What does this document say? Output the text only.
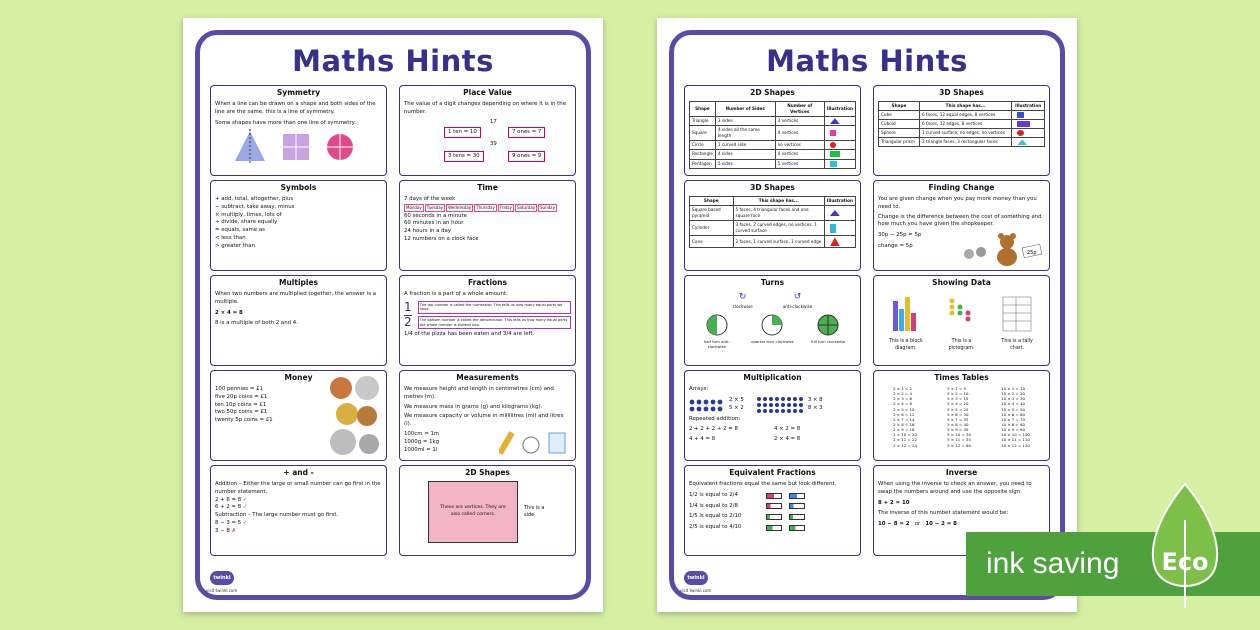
Maths Hints
Symmetry
When a line can be drawn on a shape and both sides of the line are the same, this is a line of symmetry.
Some shapes have more than one line of symmetry.
Place Value
The value of a digit changes depending on where it is in the number.
17
1 ten = 10	7 ones = 7
39
3 tens = 30	9 ones = 9
Symbols
+ add, total, altogether, plus
− subtract, take away, minus
× multiply, times, lots of
÷ divide, share equally
= equals, same as
< less than
> greater than
Time
7 days of the week
Monday Tuesday Wednesday Thursday Friday Saturday Sunday
60 seconds in a minute
60 minutes in an hour
24 hours in a day
12 numbers on a clock face
Multiples
When two numbers are multiplied together, the answer is a multiple.
2 × 4 = 8
8 is a multiple of both 2 and 4.
Fractions
A fraction is a part of a whole amount.
1
2
The top number is called the numerator. This tells us how many equal parts we have.
The bottom number is called the denominator. This tells us how many equal parts the whole number is divided into.
1/4 of the pizza has been eaten and 3/4 are left.
Money
100 pennies = £1
five 20p coins = £1
ten 10p coins = £1
two 50p coins = £1
twenty 5p coins = £1
Measurements
We measure height and length in centimetres (cm) and metres (m).
We measure mass in grams (g) and kilograms (kg).
We measure capacity or volume in millilitres (ml) and litres (l).
100cm = 1m
1000g = 1kg
1000ml = 1l
+ and -
Addition – Either the large or small number can go first in the number statement.
2 + 6 = 8 ✓
6 + 2 = 8 ✓
Subtraction – The large number must go first.
8 − 3 = 5 ✓
3 − 8 ✗
2D Shapes
These are vertices. They are also called corners.
This is a side
twinkl
visit twinkl.com
Maths Hints
2D Shapes
Shape	Number of Sides	Number of Vertices	Illustration
Triangle	3 sides	3 vertices	
Square	4 sides all the same length	4 vertices	
Circle	1 curved side	no vertices	
Rectangle	4 sides	4 vertices	
Pentagon	5 sides	5 vertices	
3D Shapes
Shape	This shape has...	Illustration
Cube	6 faces, 12 equal edges, 8 vertices	
Cuboid	6 faces, 12 edges, 8 vertices	
Sphere	1 curved surface, no edges, no vertices	
Triangular prism	2 triangle faces, 3 rectangular faces	
3D Shapes
Shape	This shape has...	Illustration
Square based pyramid	5 faces, 4 triangular faces and one square face	
Cylinder	3 faces, 2 curved edges, no vertices, 1 curved surface	
Cone	2 faces, 1 curved surface, 1 curved edge	
Finding Change
You are given change when you pay more money than you need to.
Change is the difference between the cost of something and how much you have given the shopkeeper.
30p − 25p = 5p
change = 5p
25p
Turns
↻
clockwise
↺
anti-clockwise
half turn anti-clockwise
quarter turn clockwise	full turn clockwise
Showing Data
This is a block diagram.
This is a pictogram.
This is a tally chart.
Multiplication
Arrays:
2 × 5
5 × 2
3 × 8
8 × 3
Repeated addition:
2 + 2 + 2 + 2 = 8	4 × 2 = 8
4 + 4 = 8	2 × 4 = 8
Times Tables
2 × 1 = 2
2 × 2 = 4
2 × 3 = 6
2 × 4 = 8
2 × 5 = 10
2 × 6 = 12
2 × 7 = 14
2 × 8 = 16
2 × 9 = 18
2 × 10 = 20
2 × 11 = 22
2 × 12 = 24
5 × 1 = 5
5 × 2 = 10
5 × 3 = 15
5 × 4 = 20
5 × 5 = 25
5 × 6 = 30
5 × 7 = 35
5 × 8 = 40
5 × 9 = 45
5 × 10 = 50
5 × 11 = 55
5 × 12 = 60
10 × 1 = 10
10 × 2 = 20
10 × 3 = 30
10 × 4 = 40
10 × 5 = 50
10 × 6 = 60
10 × 7 = 70
10 × 8 = 80
10 × 9 = 90
10 × 10 = 100
10 × 11 = 110
10 × 12 = 120
Equivalent Fractions
Equivalent fractions equal the same but look different.
1/2 is equal to 2/4
1/4 is equal to 2/8
1/5 is equal to 2/10
2/5 is equal to 4/10
Inverse
When using the inverse to check an answer, you need to swap the numbers around and use the opposite sign.
8 + 2 = 10
The inverse of this number statement would be:
10 − 8 = 2 or 10 − 2 = 8
twinkl
visit twinkl.com
ink saving Eco
